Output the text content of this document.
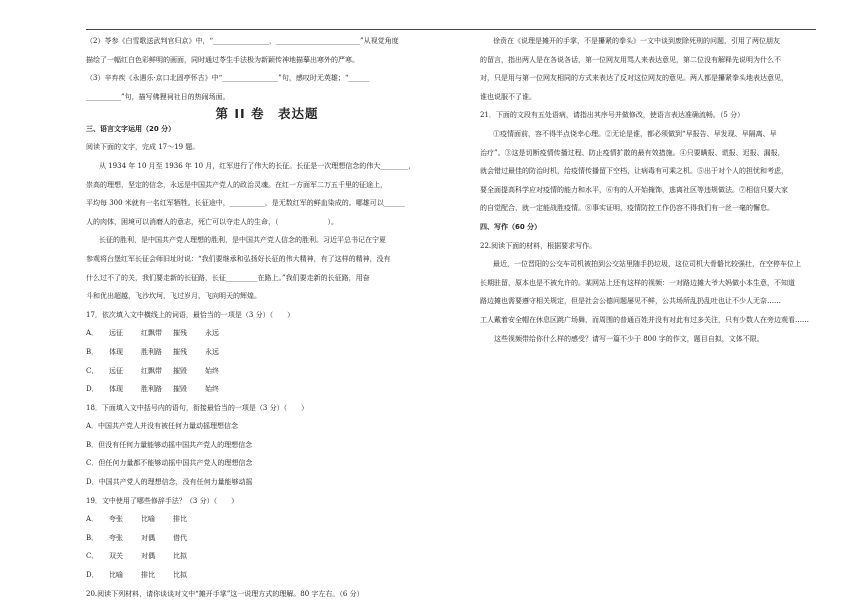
（2）苓参《白雪歌送武判官归京》中，“________________，________________________”从视觉角度
描绘了一幅红白色彩鲜明的画面，同时通过苓生手法极为新颖传神地描摹出寒外的严寒。
（3）辛弃疾《永遇乐·京口北固亭怀古》中“________________”句，感叹时无英雄；“______
__________”句，描写佛狸祠社日的热闹场面。
第 II 卷　表达题
三、语言文字运用（20 分）
阅读下面的文字，完成 17～19 题。
从 1934 年 10 月至 1936 年 10 月，红军进行了伟大的长征。长征是一次理想信念的伟大________，
崇高的理想，坚定的信念，永远是中国共产党人的政治灵魂。在红一方面军二万五千里的征途上，
平均每 300 米就有一名红军牺牲。长征途中，__________，是无数红军的鲜血染成的。哪雄可以______
人的肉体，困境可以消磨人的意志，死亡可以夺走人的生命，（　　　　　　　）。
长征的胜利，是中国共产党人理想的胜利，是中国共产党人信念的胜利。习近平总书记在宁夏
参观将台堡红军长征会师旧址时说：“我们要继承和弘扬好长征的伟大精神，有了这样的精神，没有
什么过不了的关，我们要走新的长征路，长征_________在路上。”我们要走新的长征路，用奋
斗和优出超越，飞沙坎坷，飞过岁月，飞向明天的辉煌。
17．依次填入文中横线上的词语，最恰当的一项是（3 分）（　　）
A． 远征	红飘带 摧残	永远
B． 体现	胜利路 摧残	永远
C． 远征	红飘带 摧毁	始终
D． 体现	胜利路 摧毁	始终
18．下面填入文中括号内的语句，衔接最恰当的一项是（3 分）（　　）
A．中国共产党人并没有被任何力量动摇理想信念
B．但没有任何力量能够动摇中国共产党人的理想信念
C．但任何力量都不能够动摇中国共产党人的理想信念
D．中国共产党人的理想信念，没有任何力量能够动摇
19．文中使用了哪些修辞手法？（3 分）（　　）
A． 夸张	比喻	排比
B． 夸张	对偶	借代
C． 双关	对偶	比拟
D． 比喻	排比	比拟
20.阅读下列材料，请你谈谈对文中“摊开手掌”这一说理方式的理解。80 字左右。（6 分）
徐贲在《说理是摊开的手掌，不是攥紧的拳头》一文中谈到废除死刑的问题，引用了两位朋友
的留言，指出两人是在各说各话，第一位网友用骂人来表达意见，第二位没有解释先说明为什么不
对，只是用与第一位网友相同的方式来表达了反对这位网友的意见。两人都是攥紧拳头地表达意见，
谁也说服不了谁。
21．下面的文段有五处语病，请指出其序号并做修改，使语言表达准确流畅。（5 分）
①疫情面前，容不得半点侥幸心理。②无论是谁，都必须做到“早报告、早发现、早隔离、早
治疗”。③这是切断疫情传播过程、防止疫情扩散的最有效措施。④只要瞒报、谎报、迟报、漏报，
就会错过最佳的防治时机，给疫情传播留下空档，让病毒有可乘之机。⑤出于对个人的担忧和考虑，
要全面提高科学应对疫情的能力和水平，⑥有的人开始掩饰，逃离社区等违规做法。⑦相信只要大家
的自觉配合，就一定能战胜疫情。⑧事实证明，疫情防控工作仍容不得我们有一丝一毫的懈怠。
四、写作（60 分）
22.阅读下面的材料，根据要求写作。
最近，一位晋阳的公交车司机被拍到公交站里随手扔垃圾，这位司机大骨骼比较强壮，在空停车位上
长期驻留，原本也是不被允许的。某网站上还有这样的视频：一对路边摊大爷大妈做小本生意，不知道
路边摊也需要遵守相关规定，但是社会公德问题屡见不鲜，公共场所乱扔乱吐也让不少人无奈……
工人戴着安全帽在休息区跳广场舞，而周围的普通百姓并没有对此有过多关注，只有少数人在旁边观看……
　　这些视频带给你什么样的感受？请写一篇不少于 800 字的作文，题目自拟，文体不限。
